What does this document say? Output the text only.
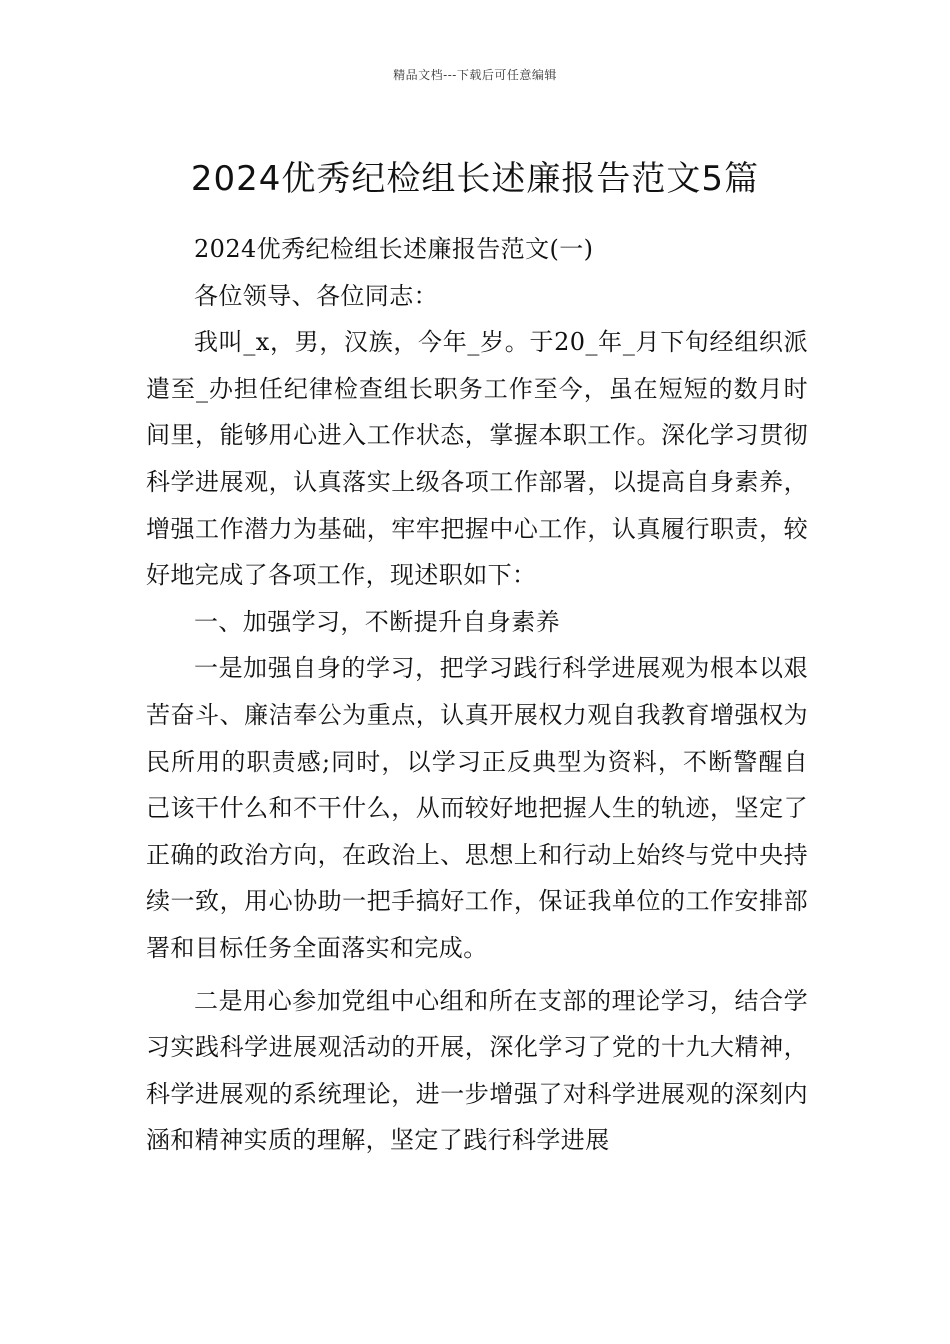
精品文档---下载后可任意编辑
2024优秀纪检组长述廉报告范文5篇

2024优秀纪检组长述廉报告范文(一)

各位领导、各位同志：

我叫_x，男，汉族，今年_岁。于20_年_月下旬经组织派遣至_办担任纪律检查组长职务工作至今，虽在短短的数月时间里，能够用心进入工作状态，掌握本职工作。深化学习贯彻科学进展观，认真落实上级各项工作部署，以提高自身素养，增强工作潜力为基础，牢牢把握中心工作，认真履行职责，较好地完成了各项工作，现述职如下：

一、加强学习，不断提升自身素养

一是加强自身的学习，把学习践行科学进展观为根本以艰苦奋斗、廉洁奉公为重点，认真开展权力观自我教育增强权为民所用的职责感;同时，以学习正反典型为资料，不断警醒自己该干什么和不干什么，从而较好地把握人生的轨迹，坚定了正确的政治方向，在政治上、思想上和行动上始终与党中央持续一致，用心协助一把手搞好工作，保证我单位的工作安排部署和目标任务全面落实和完成。

二是用心参加党组中心组和所在支部的理论学习，结合学习实践科学进展观活动的开展，深化学习了党的十九大精神，科学进展观的系统理论，进一步增强了对科学进展观的深刻内涵和精神实质的理解，坚定了践行科学进展
